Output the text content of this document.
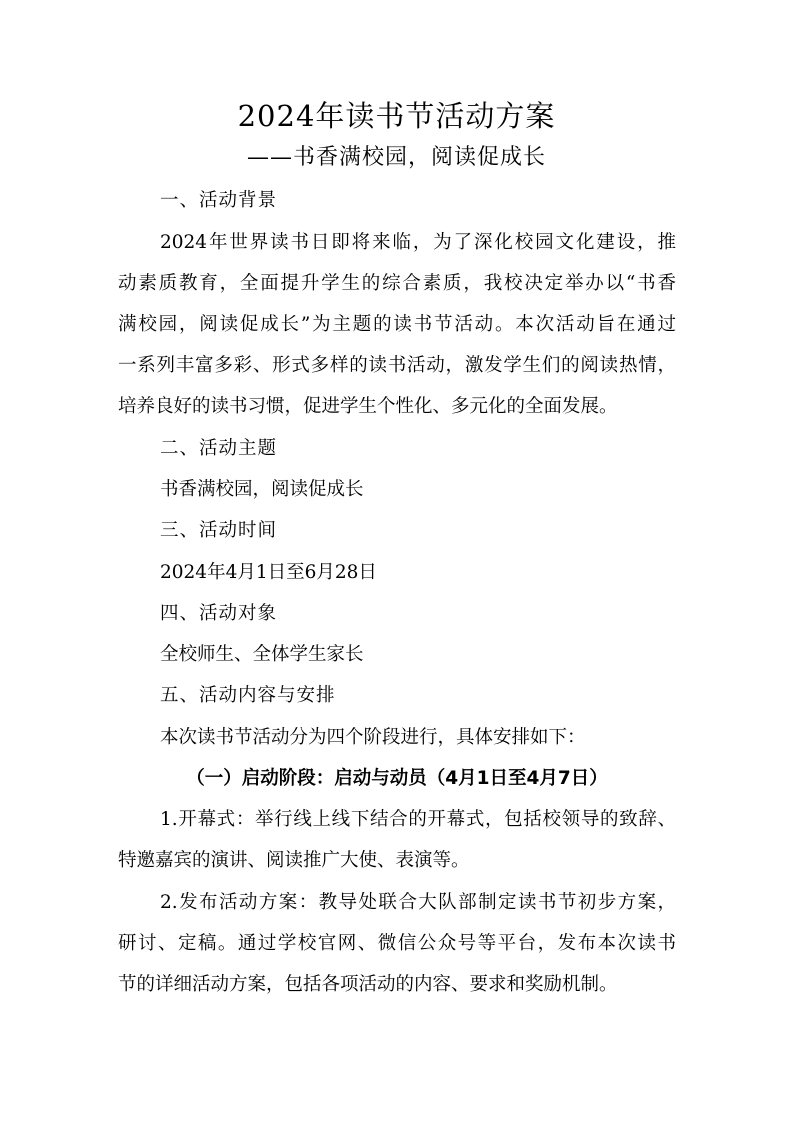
2024年读书节活动方案
——书香满校园，阅读促成长
一、活动背景
2024年世界读书日即将来临，为了深化校园文化建设，推
动素质教育，全面提升学生的综合素质，我校决定举办以“书香
满校园，阅读促成长”为主题的读书节活动。本次活动旨在通过
一系列丰富多彩、形式多样的读书活动，激发学生们的阅读热情，
培养良好的读书习惯，促进学生个性化、多元化的全面发展。
二、活动主题
书香满校园，阅读促成长
三、活动时间
2024年4月1日至6月28日
四、活动对象
全校师生、全体学生家长
五、活动内容与安排
本次读书节活动分为四个阶段进行，具体安排如下：
（一）启动阶段：启动与动员（4月1日至4月7日）
1.开幕式：举行线上线下结合的开幕式，包括校领导的致辞、
特邀嘉宾的演讲、阅读推广大使、表演等。
2.发布活动方案：教导处联合大队部制定读书节初步方案，
研讨、定稿。通过学校官网、微信公众号等平台，发布本次读书
节的详细活动方案，包括各项活动的内容、要求和奖励机制。
